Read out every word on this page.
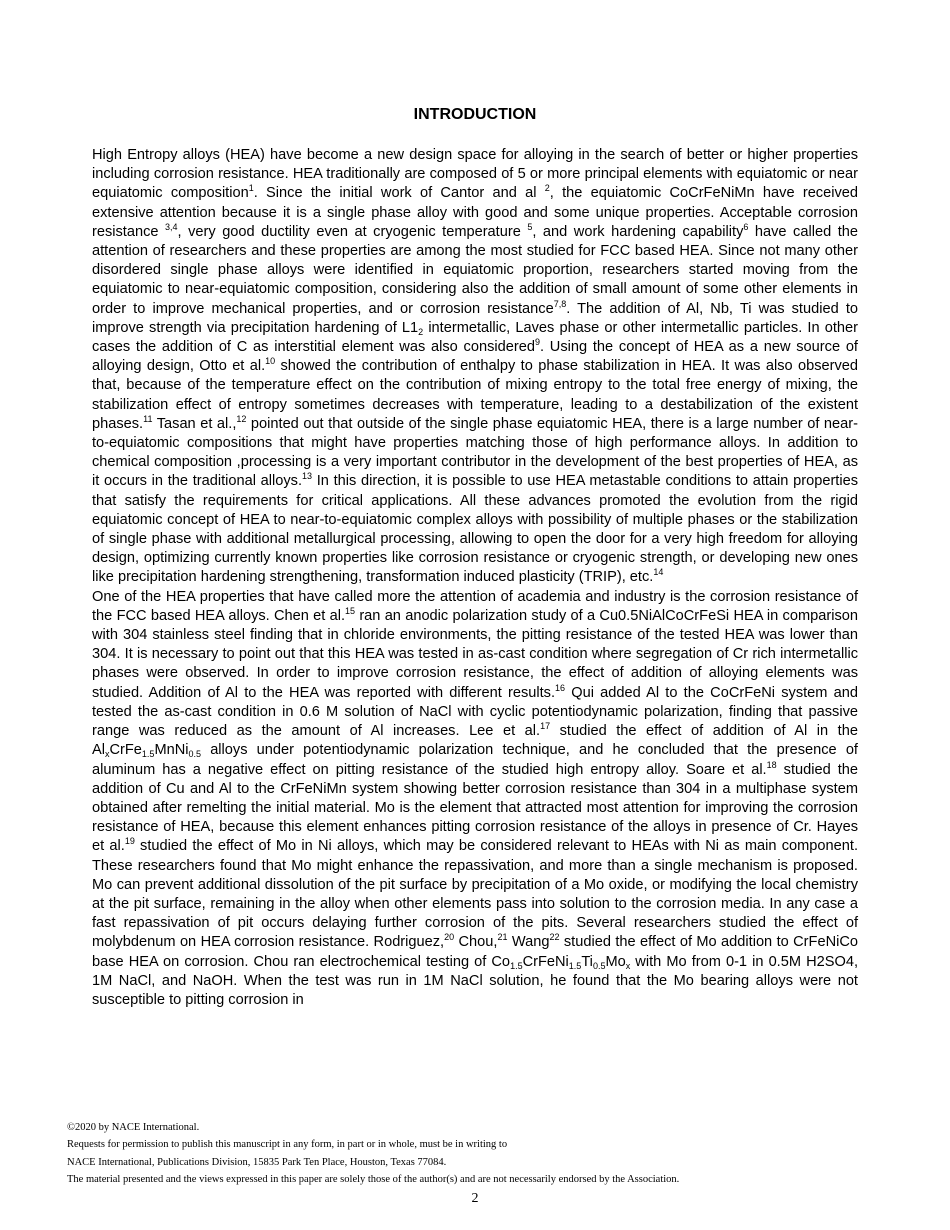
INTRODUCTION

High Entropy alloys (HEA) have become a new design space for alloying in the search of better or higher properties including corrosion resistance. HEA traditionally are composed of 5 or more principal elements with equiatomic or near equiatomic composition$^1$. Since the initial work of Cantor and al $^2$, the equiatomic CoCrFeNiMn have received extensive attention because it is a single phase alloy with good and some unique properties. Acceptable corrosion resistance $^{3,4}$, very good ductility even at cryogenic temperature $^5$, and work hardening capability$^6$ have called the attention of researchers and these properties are among the most studied for FCC based HEA. Since not many other disordered single phase alloys were identified in equiatomic proportion, researchers started moving from the equiatomic to near-equiatomic composition, considering also the addition of small amount of some other elements in order to improve mechanical properties, and or corrosion resistance$^{7,8}$. The addition of Al, Nb, Ti was studied to improve strength via precipitation hardening of $L1_2$ intermetallic, Laves phase or other intermetallic particles. In other cases the addition of C as interstitial element was also considered$^9$. Using the concept of HEA as a new source of alloying design, Otto et al.$^{10}$ showed the contribution of enthalpy to phase stabilization in HEA. It was also observed that, because of the temperature effect on the contribution of mixing entropy to the total free energy of mixing, the stabilization effect of entropy sometimes decreases with temperature, leading to a destabilization of the existent phases.$^{11}$ Tasan et al.,$^{12}$ pointed out that outside of the single phase equiatomic HEA, there is a large number of near-to-equiatomic compositions that might have properties matching those of high performance alloys. In addition to chemical composition ,processing is a very important contributor in the development of the best properties of HEA, as it occurs in the traditional alloys.$^{13}$ In this direction, it is possible to use HEA metastable conditions to attain properties that satisfy the requirements for critical applications. All these advances promoted the evolution from the rigid equiatomic concept of HEA to near-to-equiatomic complex alloys with possibility of multiple phases or the stabilization of single phase with additional metallurgical processing, allowing to open the door for a very high freedom for alloying design, optimizing currently known properties like corrosion resistance or cryogenic strength, or developing new ones like precipitation hardening strengthening, transformation induced plasticity (TRIP), etc.$^{14}$

One of the HEA properties that have called more the attention of academia and industry is the corrosion resistance of the FCC based HEA alloys. Chen et al.$^{15}$ ran an anodic polarization study of a Cu0.5NiAlCoCrFeSi HEA in comparison with 304 stainless steel finding that in chloride environments, the pitting resistance of the tested HEA was lower than 304. It is necessary to point out that this HEA was tested in as-cast condition where segregation of Cr rich intermetallic phases were observed. In order to improve corrosion resistance, the effect of addition of alloying elements was studied. Addition of Al to the HEA was reported with different results.$^{16}$ Qui added Al to the CoCrFeNi system and tested the as-cast condition in 0.6 M solution of NaCl with cyclic potentiodynamic polarization, finding that passive range was reduced as the amount of Al increases. Lee et al.$^{17}$ studied the effect of addition of Al in the $Al_xCrFe_{1.5}MnNi_{0.5}$ alloys under potentiodynamic polarization technique, and he concluded that the presence of aluminum has a negative effect on pitting resistance of the studied high entropy alloy. Soare et al.$^{18}$ studied the addition of Cu and Al to the CrFeNiMn system showing better corrosion resistance than 304 in a multiphase system obtained after remelting the initial material. Mo is the element that attracted most attention for improving the corrosion resistance of HEA, because this element enhances pitting corrosion resistance of the alloys in presence of Cr. Hayes et al.$^{19}$ studied the effect of Mo in Ni alloys, which may be considered relevant to HEAs with Ni as main component. These researchers found that Mo might enhance the repassivation, and more than a single mechanism is proposed. Mo can prevent additional dissolution of the pit surface by precipitation of a Mo oxide, or modifying the local chemistry at the pit surface, remaining in the alloy when other elements pass into solution to the corrosion media. In any case a fast repassivation of pit occurs delaying further corrosion of the pits. Several researchers studied the effect of molybdenum on HEA corrosion resistance. Rodriguez,$^{20}$ Chou,$^{21}$ Wang$^{22}$ studied the effect of Mo addition to CrFeNiCo base HEA on corrosion. Chou ran electrochemical testing of $Co_{1.5}CrFeNi_{1.5}Ti_{0.5}Mo_x$ with Mo from 0-1 in 0.5M H2SO4, 1M NaCl, and NaOH. When the test was run in 1M NaCl solution, he found that the Mo bearing alloys were not susceptible to pitting corrosion in

©2020 by NACE International.
Requests for permission to publish this manuscript in any form, in part or in whole, must be in writing to
NACE International, Publications Division, 15835 Park Ten Place, Houston, Texas 77084.
The material presented and the views expressed in this paper are solely those of the author(s) and are not necessarily endorsed by the Association.
2
